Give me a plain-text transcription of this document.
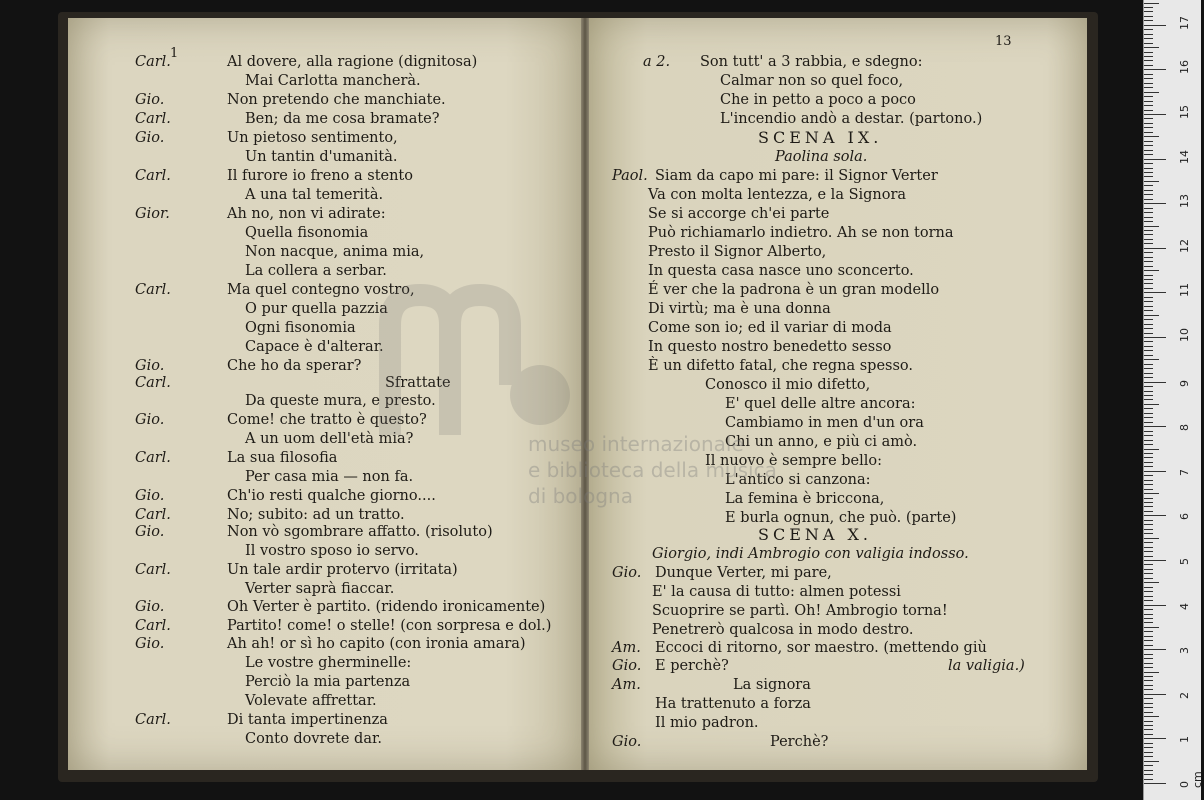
Carl.	Al dovere, alla ragione (dignitosa)
Mai Carlotta mancherà.
Gio.	Non pretendo che manchiate.
Carl.	Ben; da me cosa bramate?
Gio.	Un pietoso sentimento,
Un tantin d'umanità.
Carl.	Il furore io freno a stento
A una tal temerità.
Gior.	Ah no, non vi adirate:
Quella fisonomia
Non nacque, anima mia,
La collera a serbar.
Carl.	Ma quel contegno vostro,
O pur quella pazzia
Ogni fisonomia
Capace è d'alterar.
Gio.	Che ho da sperar?
Carl.	Sfrattate
Da queste mura, e presto.
Gio.	Come! che tratto è questo?
A un uom dell'età mia?
Carl.	La sua filosofia
Per casa mia — non fa.
Gio.	Ch'io resti qualche giorno....
Carl.	No; subito: ad un tratto.
Gio.	Non vò sgombrare affatto. (risoluto)
Il vostro sposo io servo.
Carl.	Un tale ardir protervo (irritata)
Verter saprà fiaccar.
Gio.	Oh Verter è partito. (ridendo ironicamente)
Carl.	Partito! come! o stelle! (con sorpresa e dol.)
Gio.	Ah ah! or sì ho capito (con ironia amara)
Le vostre gherminelle:
Perciò la mia partenza
Volevate affrettar.
Carl.	Di tanta impertinenza
Conto dovrete dar.
a 2. Son tutt' a 3 rabbia, e sdegno:
Calmar non so quel foco,
Che in petto a poco a poco
L'incendio andò a destar. (partono.)
SCENA IX.
Paolina sola.
Paol. Siam da capo mi pare: il Signor Verter
Va con molta lentezza, e la Signora
Se si accorge ch'ei parte
Può richiamarlo indietro. Ah se non torna
Presto il Signor Alberto,
In questa casa nasce uno sconcerto.
É ver che la padrona è un gran modello
Di virtù; ma è una donna
Come son io; ed il variar di moda
In questo nostro benedetto sesso
È un difetto fatal, che regna spesso.
Conosco il mio difetto,
E' quel delle altre ancora:
Cambiamo in men d'un ora
Chi un anno, e più ci amò.
Il nuovo è sempre bello:
L'antico si canzona:
La femina è briccona,
E burla ognun, che può. (parte)
SCENA X.
Giorgio, indi Ambrogio con valigia indosso.
Gio. Dunque Verter, mi pare,
E' la causa di tutto: almen potessi
Scuoprire se partì. Oh! Ambrogio torna!
Penetrerò qualcosa in modo destro.
Am. Eccoci di ritorno, sor maestro. (mettendo giù
la valigia.)
Gio. E perchè?
Am.	La signora
Ha trattenuto a forza
Il mio padron.
Gio.	Perchè?
1
13
museo internazionale
e biblioteca della musica
di bologna
0 cm
1
2
3
4
5
6
7
8
9
10
11
12
13
14
15
16
17
